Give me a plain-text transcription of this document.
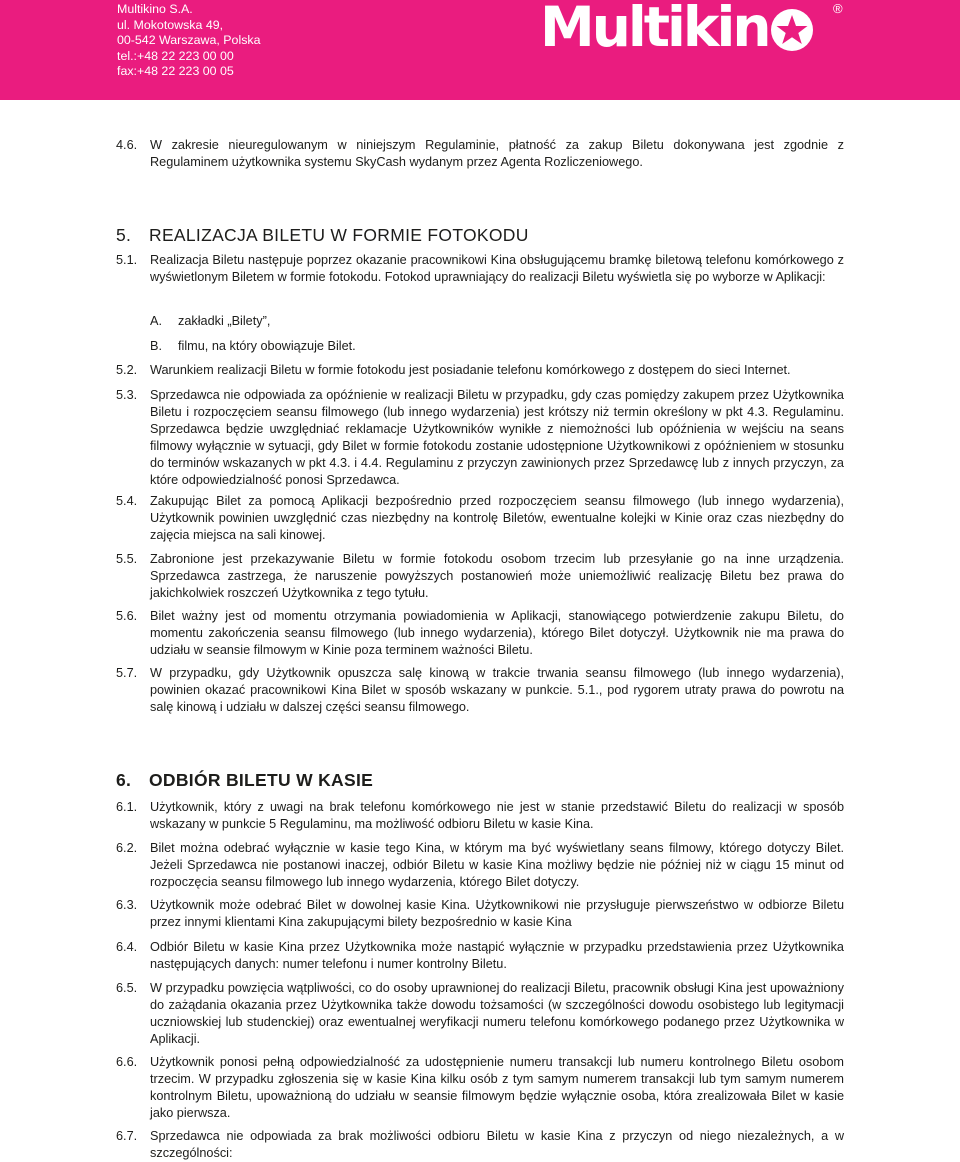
Multikino S.A.
ul. Mokotowska 49,
00-542 Warszawa, Polska
tel.:+48 22 223 00 00
fax:+48 22 223 00 05
Multikin	®
4.6. W zakresie nieuregulowanym w niniejszym Regulaminie, płatność za zakup Biletu dokonywana jest zgodnie z Regulaminem użytkownika systemu SkyCash wydanym przez Agenta Rozliczeniowego.
5. REALIZACJA BILETU W FORMIE FOTOKODU
5.1. Realizacja Biletu następuje poprzez okazanie pracownikowi Kina obsługującemu bramkę biletową telefonu komórkowego z wyświetlonym Biletem w formie fotokodu. Fotokod uprawniający do realizacji Biletu wyświetla się po wyborze w Aplikacji:
A. zakładki „Bilety”,
B. filmu, na który obowiązuje Bilet.
5.2. Warunkiem realizacji Biletu w formie fotokodu jest posiadanie telefonu komórkowego z dostępem do sieci Internet.
5.3. Sprzedawca nie odpowiada za opóźnienie w realizacji Biletu w przypadku, gdy czas pomiędzy zakupem przez Użytkownika Biletu i rozpoczęciem seansu filmowego (lub innego wydarzenia) jest krótszy niż termin określony w pkt 4.3. Regulaminu. Sprzedawca będzie uwzględniać reklamacje Użytkowników wynikłe z niemożności lub opóźnienia w wejściu na seans filmowy wyłącznie w sytuacji, gdy Bilet w formie fotokodu zostanie udostępnione Użytkownikowi z opóźnieniem w stosunku do terminów wskazanych w pkt 4.3. i 4.4. Regulaminu z przyczyn zawinionych przez Sprzedawcę lub z innych przyczyn, za które odpowiedzialność ponosi Sprzedawca.
5.4. Zakupując Bilet za pomocą Aplikacji bezpośrednio przed rozpoczęciem seansu filmowego (lub innego wydarzenia), Użytkownik powinien uwzględnić czas niezbędny na kontrolę Biletów, ewentualne kolejki w Kinie oraz czas niezbędny do zajęcia miejsca na sali kinowej.
5.5. Zabronione jest przekazywanie Biletu w formie fotokodu osobom trzecim lub przesyłanie go na inne urządzenia. Sprzedawca zastrzega, że naruszenie powyższych postanowień może uniemożliwić realizację Biletu bez prawa do jakichkolwiek roszczeń Użytkownika z tego tytułu.
5.6. Bilet ważny jest od momentu otrzymania powiadomienia w Aplikacji, stanowiącego potwierdzenie zakupu Biletu, do momentu zakończenia seansu filmowego (lub innego wydarzenia), którego Bilet dotyczył. Użytkownik nie ma prawa do udziału w seansie filmowym w Kinie poza terminem ważności Biletu.
5.7. W przypadku, gdy Użytkownik opuszcza salę kinową w trakcie trwania seansu filmowego (lub innego wydarzenia), powinien okazać pracownikowi Kina Bilet w sposób wskazany w punkcie. 5.1., pod rygorem utraty prawa do powrotu na salę kinową i udziału w dalszej części seansu filmowego.
6. ODBIÓR BILETU W KASIE
6.1. Użytkownik, który z uwagi na brak telefonu komórkowego nie jest w stanie przedstawić Biletu do realizacji w sposób wskazany w punkcie 5 Regulaminu, ma możliwość odbioru Biletu w kasie Kina.
6.2. Bilet można odebrać wyłącznie w kasie tego Kina, w którym ma być wyświetlany seans filmowy, którego dotyczy Bilet. Jeżeli Sprzedawca nie postanowi inaczej, odbiór Biletu w kasie Kina możliwy będzie nie później niż w ciągu 15 minut od rozpoczęcia seansu filmowego lub innego wydarzenia, którego Bilet dotyczy.
6.3. Użytkownik może odebrać Bilet w dowolnej kasie Kina. Użytkownikowi nie przysługuje pierwszeństwo w odbiorze Biletu przez innymi klientami Kina zakupującymi bilety bezpośrednio w kasie Kina
6.4. Odbiór Biletu w kasie Kina przez Użytkownika może nastąpić wyłącznie w przypadku przedstawienia przez Użytkownika następujących danych: numer telefonu i numer kontrolny Biletu.
6.5. W przypadku powzięcia wątpliwości, co do osoby uprawnionej do realizacji Biletu, pracownik obsługi Kina jest upoważniony do zażądania okazania przez Użytkownika także dowodu tożsamości (w szczególności dowodu osobistego lub legitymacji uczniowskiej lub studenckiej) oraz ewentualnej weryfikacji numeru telefonu komórkowego podanego przez Użytkownika w Aplikacji.
6.6. Użytkownik ponosi pełną odpowiedzialność za udostępnienie numeru transakcji lub numeru kontrolnego Biletu osobom trzecim. W przypadku zgłoszenia się w kasie Kina kilku osób z tym samym numerem transakcji lub tym samym numerem kontrolnym Biletu, upoważnioną do udziału w seansie filmowym będzie wyłącznie osoba, która zrealizowała Bilet w kasie jako pierwsza.
6.7. Sprzedawca nie odpowiada za brak możliwości odbioru Biletu w kasie Kina z przyczyn od niego niezależnych, a w szczególności:
